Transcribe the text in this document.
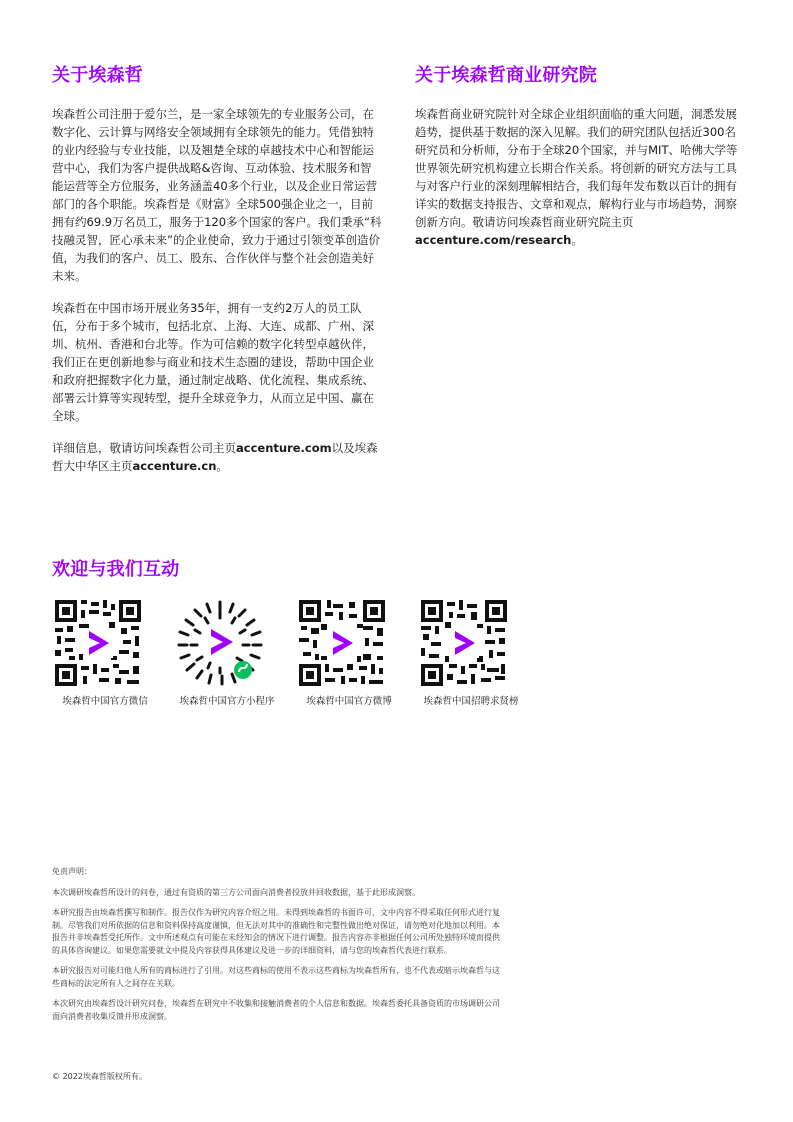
关于埃森哲

埃森哲公司注册于爱尔兰，是一家全球领先的专业服务公司，在数字化、云计算与网络安全领域拥有全球领先的能力。凭借独特的业内经验与专业技能，以及翘楚全球的卓越技术中心和智能运营中心，我们为客户提供战略&咨询、互动体验、技术服务和智能运营等全方位服务，业务涵盖40多个行业，以及企业日常运营部门的各个职能。埃森哲是《财富》全球500强企业之一，目前拥有约69.9万名员工，服务于120多个国家的客户。我们秉承“科技融灵智，匠心承未来”的企业使命，致力于通过引领变革创造价值，为我们的客户、员工、股东、合作伙伴与整个社会创造美好未来。

埃森哲在中国市场开展业务35年，拥有一支约2万人的员工队伍，分布于多个城市，包括北京、上海、大连、成都、广州、深圳、杭州、香港和台北等。作为可信赖的数字化转型卓越伙伴，我们正在更创新地参与商业和技术生态圈的建设，帮助中国企业和政府把握数字化力量，通过制定战略、优化流程、集成系统、部署云计算等实现转型，提升全球竞争力，从而立足中国、赢在全球。

详细信息，敬请访问埃森哲公司主页accenture.com以及埃森哲大中华区主页accenture.cn。

关于埃森哲商业研究院

埃森哲商业研究院针对全球企业组织面临的重大问题，洞悉发展趋势，提供基于数据的深入见解。我们的研究团队包括近300名研究员和分析师，分布于全球20个国家，并与MIT、哈佛大学等世界领先研究机构建立长期合作关系。将创新的研究方法与工具与对客户行业的深刻理解相结合，我们每年发布数以百计的拥有详实的数据支持报告、文章和观点，解构行业与市场趋势，洞察创新方向。敬请访问埃森哲商业研究院主页accenture.com/research。

欢迎与我们互动
埃森哲中国官方微信	埃森哲中国官方小程序	埃森哲中国官方微博	埃森哲中国招聘求贤榜

免责声明：

本次调研埃森哲所设计的问卷，通过有资质的第三方公司面向消费者投放并回收数据，基于此形成洞察。

本研究报告由埃森哲撰写和制作。报告仅作为研究内容介绍之用。未得到埃森哲的书面许可，文中内容不得采取任何形式进行复制。尽管我们对所依据的信息和资料保持高度谨慎，但无法对其中的准确性和完整性做出绝对保证，请勿绝对化地加以利用。本报告并非埃森哲受托所作。文中所述观点有可能在未经知会的情况下进行调整。报告内容亦非根据任何公司所处独特环境而提供的具体咨询建议。如果您需要就文中提及内容获得具体建议及进一步的详细资料，请与您的埃森哲代表进行联系。

本研究报告对可能归他人所有的商标进行了引用。对这些商标的使用不表示这些商标为埃森哲所有，也不代表或暗示埃森哲与这些商标的法定所有人之间存在关联。

本次研究由埃森哲设计研究问卷，埃森哲在研究中不收集和接触消费者的个人信息和数据。埃森哲委托具备资质的市场调研公司面向消费者收集反馈并形成洞察。

© 2022埃森哲版权所有。
